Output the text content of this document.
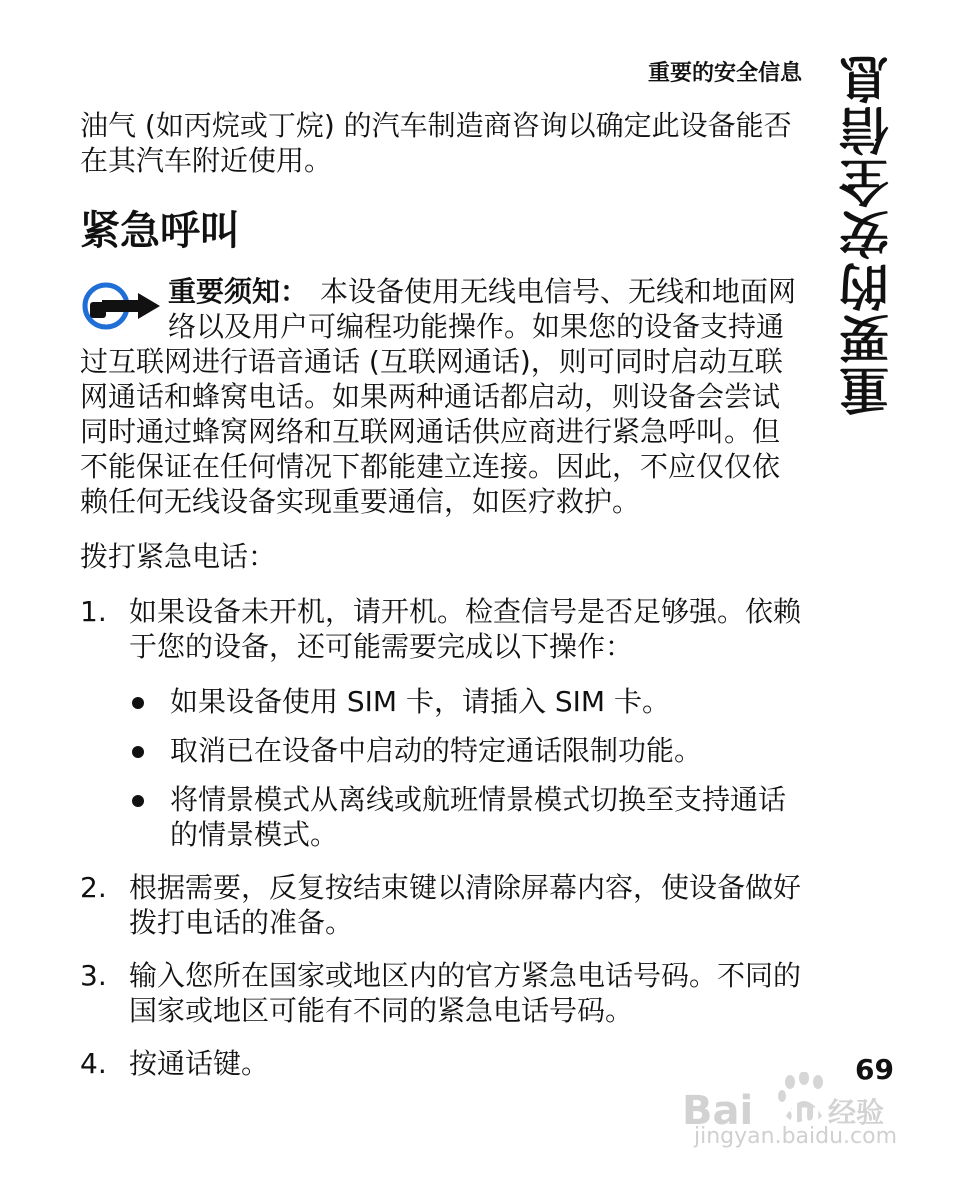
重要的安全信息 重要的安全信息

油气 (如丙烷或丁烷) 的汽车制造商咨询以确定此设备能否在其汽车附近使用。

紧急呼叫

重要须知： 本设备使用无线电信号、无线和地面网络以及用户可编程功能操作。如果您的设备支持通过互联网进行语音通话 (互联网通话)，则可同时启动互联网通话和蜂窝电话。如果两种通话都启动，则设备会尝试同时通过蜂窝网络和互联网通话供应商进行紧急呼叫。但不能保证在任何情况下都能建立连接。因此，不应仅仅依赖任何无线设备实现重要通信，如医疗救护。

拨打紧急电话：

1. 如果设备未开机，请开机。检查信号是否足够强。依赖于您的设备，还可能需要完成以下操作：
如果设备使用 SIM 卡，请插入 SIM 卡。
取消已在设备中启动的特定通话限制功能。
将情景模式从离线或航班情景模式切换至支持通话的情景模式。
2. 根据需要，反复按结束键以清除屏幕内容，使设备做好拨打电话的准备。
3. 输入您所在国家或地区内的官方紧急电话号码。不同的国家或地区可能有不同的紧急电话号码。
4. 按通话键。	69

Bai du 经验
jingyan.baidu.com
